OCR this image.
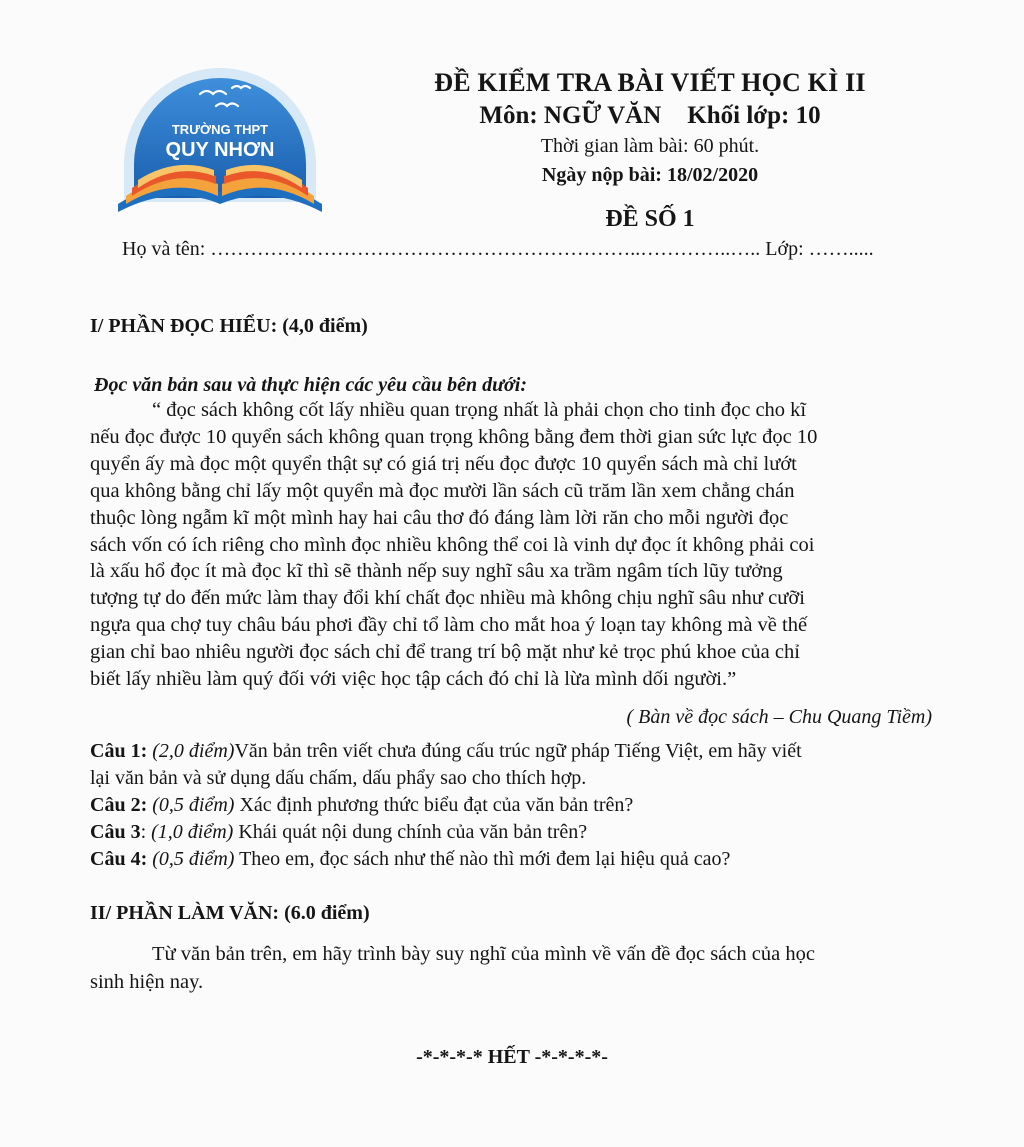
TRƯỜNG THPT
QUY NHƠN
ĐỀ KIỂM TRA BÀI VIẾT HỌC KÌ II
Môn: NGỮ VĂN Khối lớp: 10
Thời gian làm bài: 60 phút.
Ngày nộp bài: 18/02/2020
ĐỀ SỐ 1
Họ và tên: ………………………………………………………..…………..….. Lớp: …….....
I/ PHẦN ĐỌC HIỂU: (4,0 điểm)
Đọc văn bản sau và thực hiện các yêu cầu bên dưới:
“ đọc sách không cốt lấy nhiều quan trọng nhất là phải chọn cho tinh đọc cho kĩ
nếu đọc được 10 quyển sách không quan trọng không bằng đem thời gian sức lực đọc 10
quyển ấy mà đọc một quyển thật sự có giá trị nếu đọc được 10 quyển sách mà chỉ lướt
qua không bằng chỉ lấy một quyển mà đọc mười lần sách cũ trăm lần xem chẳng chán
thuộc lòng ngẫm kĩ một mình hay hai câu thơ đó đáng làm lời răn cho mỗi người đọc
sách vốn có ích riêng cho mình đọc nhiều không thể coi là vinh dự đọc ít không phải coi
là xấu hổ đọc ít mà đọc kĩ thì sẽ thành nếp suy nghĩ sâu xa trầm ngâm tích lũy tưởng
tượng tự do đến mức làm thay đổi khí chất đọc nhiều mà không chịu nghĩ sâu như cưỡi
ngựa qua chợ tuy châu báu phơi đầy chỉ tổ làm cho mắt hoa ý loạn tay không mà về thế
gian chỉ bao nhiêu người đọc sách chỉ để trang trí bộ mặt như kẻ trọc phú khoe của chỉ
biết lấy nhiều làm quý đối với việc học tập cách đó chỉ là lừa mình dối người.”
( Bàn về đọc sách – Chu Quang Tiềm)
Câu 1: (2,0 điểm)Văn bản trên viết chưa đúng cấu trúc ngữ pháp Tiếng Việt, em hãy viết
lại văn bản và sử dụng dấu chấm, dấu phẩy sao cho thích hợp.
Câu 2: (0,5 điểm) Xác định phương thức biểu đạt của văn bản trên?
Câu 3: (1,0 điểm) Khái quát nội dung chính của văn bản trên?
Câu 4: (0,5 điểm) Theo em, đọc sách như thế nào thì mới đem lại hiệu quả cao?
II/ PHẦN LÀM VĂN: (6.0 điểm)
Từ văn bản trên, em hãy trình bày suy nghĩ của mình về vấn đề đọc sách của học
sinh hiện nay.
-*-*-*-* HẾT -*-*-*-*-
